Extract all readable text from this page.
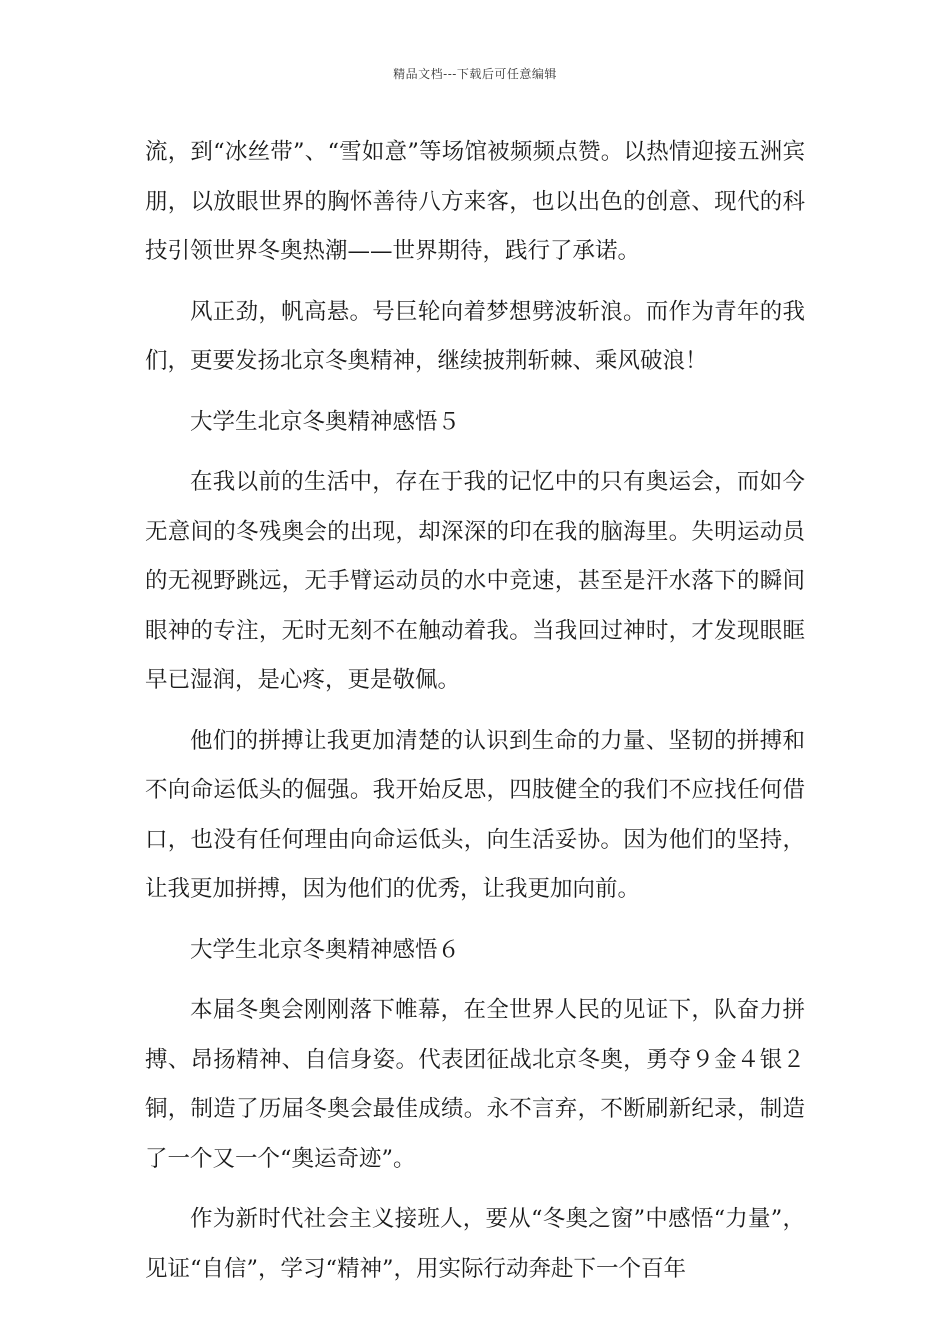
精品文档---下载后可任意编辑

流，到“冰丝带”、“雪如意”等场馆被频频点赞。以热情迎接五洲宾朋，以放眼世界的胸怀善待八方来客，也以出色的创意、现代的科技引领世界冬奥热潮——世界期待，践行了承诺。

风正劲，帆高悬。号巨轮向着梦想劈波斩浪。而作为青年的我们，更要发扬北京冬奥精神，继续披荆斩棘、乘风破浪！

大学生北京冬奥精神感悟５

在我以前的生活中，存在于我的记忆中的只有奥运会，而如今无意间的冬残奥会的出现，却深深的印在我的脑海里。失明运动员的无视野跳远，无手臂运动员的水中竞速，甚至是汗水落下的瞬间眼神的专注，无时无刻不在触动着我。当我回过神时，才发现眼眶早已湿润，是心疼，更是敬佩。

他们的拼搏让我更加清楚的认识到生命的力量、坚韧的拼搏和不向命运低头的倔强。我开始反思，四肢健全的我们不应找任何借口，也没有任何理由向命运低头，向生活妥协。因为他们的坚持，让我更加拼搏，因为他们的优秀，让我更加向前。

大学生北京冬奥精神感悟６

本届冬奥会刚刚落下帷幕，在全世界人民的见证下，队奋力拼搏、昂扬精神、自信身姿。代表团征战北京冬奥，勇夺９金４银２铜，制造了历届冬奥会最佳成绩。永不言弃，不断刷新纪录，制造了一个又一个“奥运奇迹”。

作为新时代社会主义接班人，要从“冬奥之窗”中感悟“力量”，见证“自信”，学习“精神”，用实际行动奔赴下一个百年
